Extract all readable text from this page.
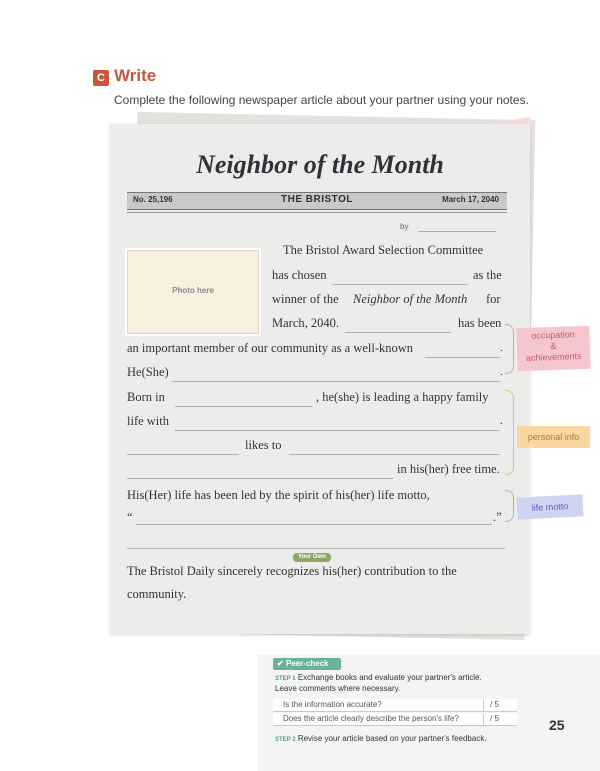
C Write
Complete the following newspaper article about your partner using your notes.
Neighbor of the Month
No. 25,196	THE BRISTOL	March 17, 2040
by
Photo here
The Bristol Award Selection Committee
has chosen	as the
winner of the Neighbor of the Month for
March, 2040.	has been
an important member of our community as a well-known	.
He(She)	.
Born in	, he(she) is leading a happy family
life with	.
likes to
in his(her) free time.
His(Her) life has been led by the spirit of his(her) life motto,
“	.”
Your Own
The Bristol Daily sincerely recognizes his(her) contribution to the
community.
occupation
&
achievements
personal info
life motto
✔ Peer-check
STEP 1 Exchange books and evaluate your partner's article.
Leave comments where necessary.
Is the information accurate?	/ 5
Does the article clearly describe the person's life?	/ 5
STEP 2 Revise your article based on your partner's feedback.
25
